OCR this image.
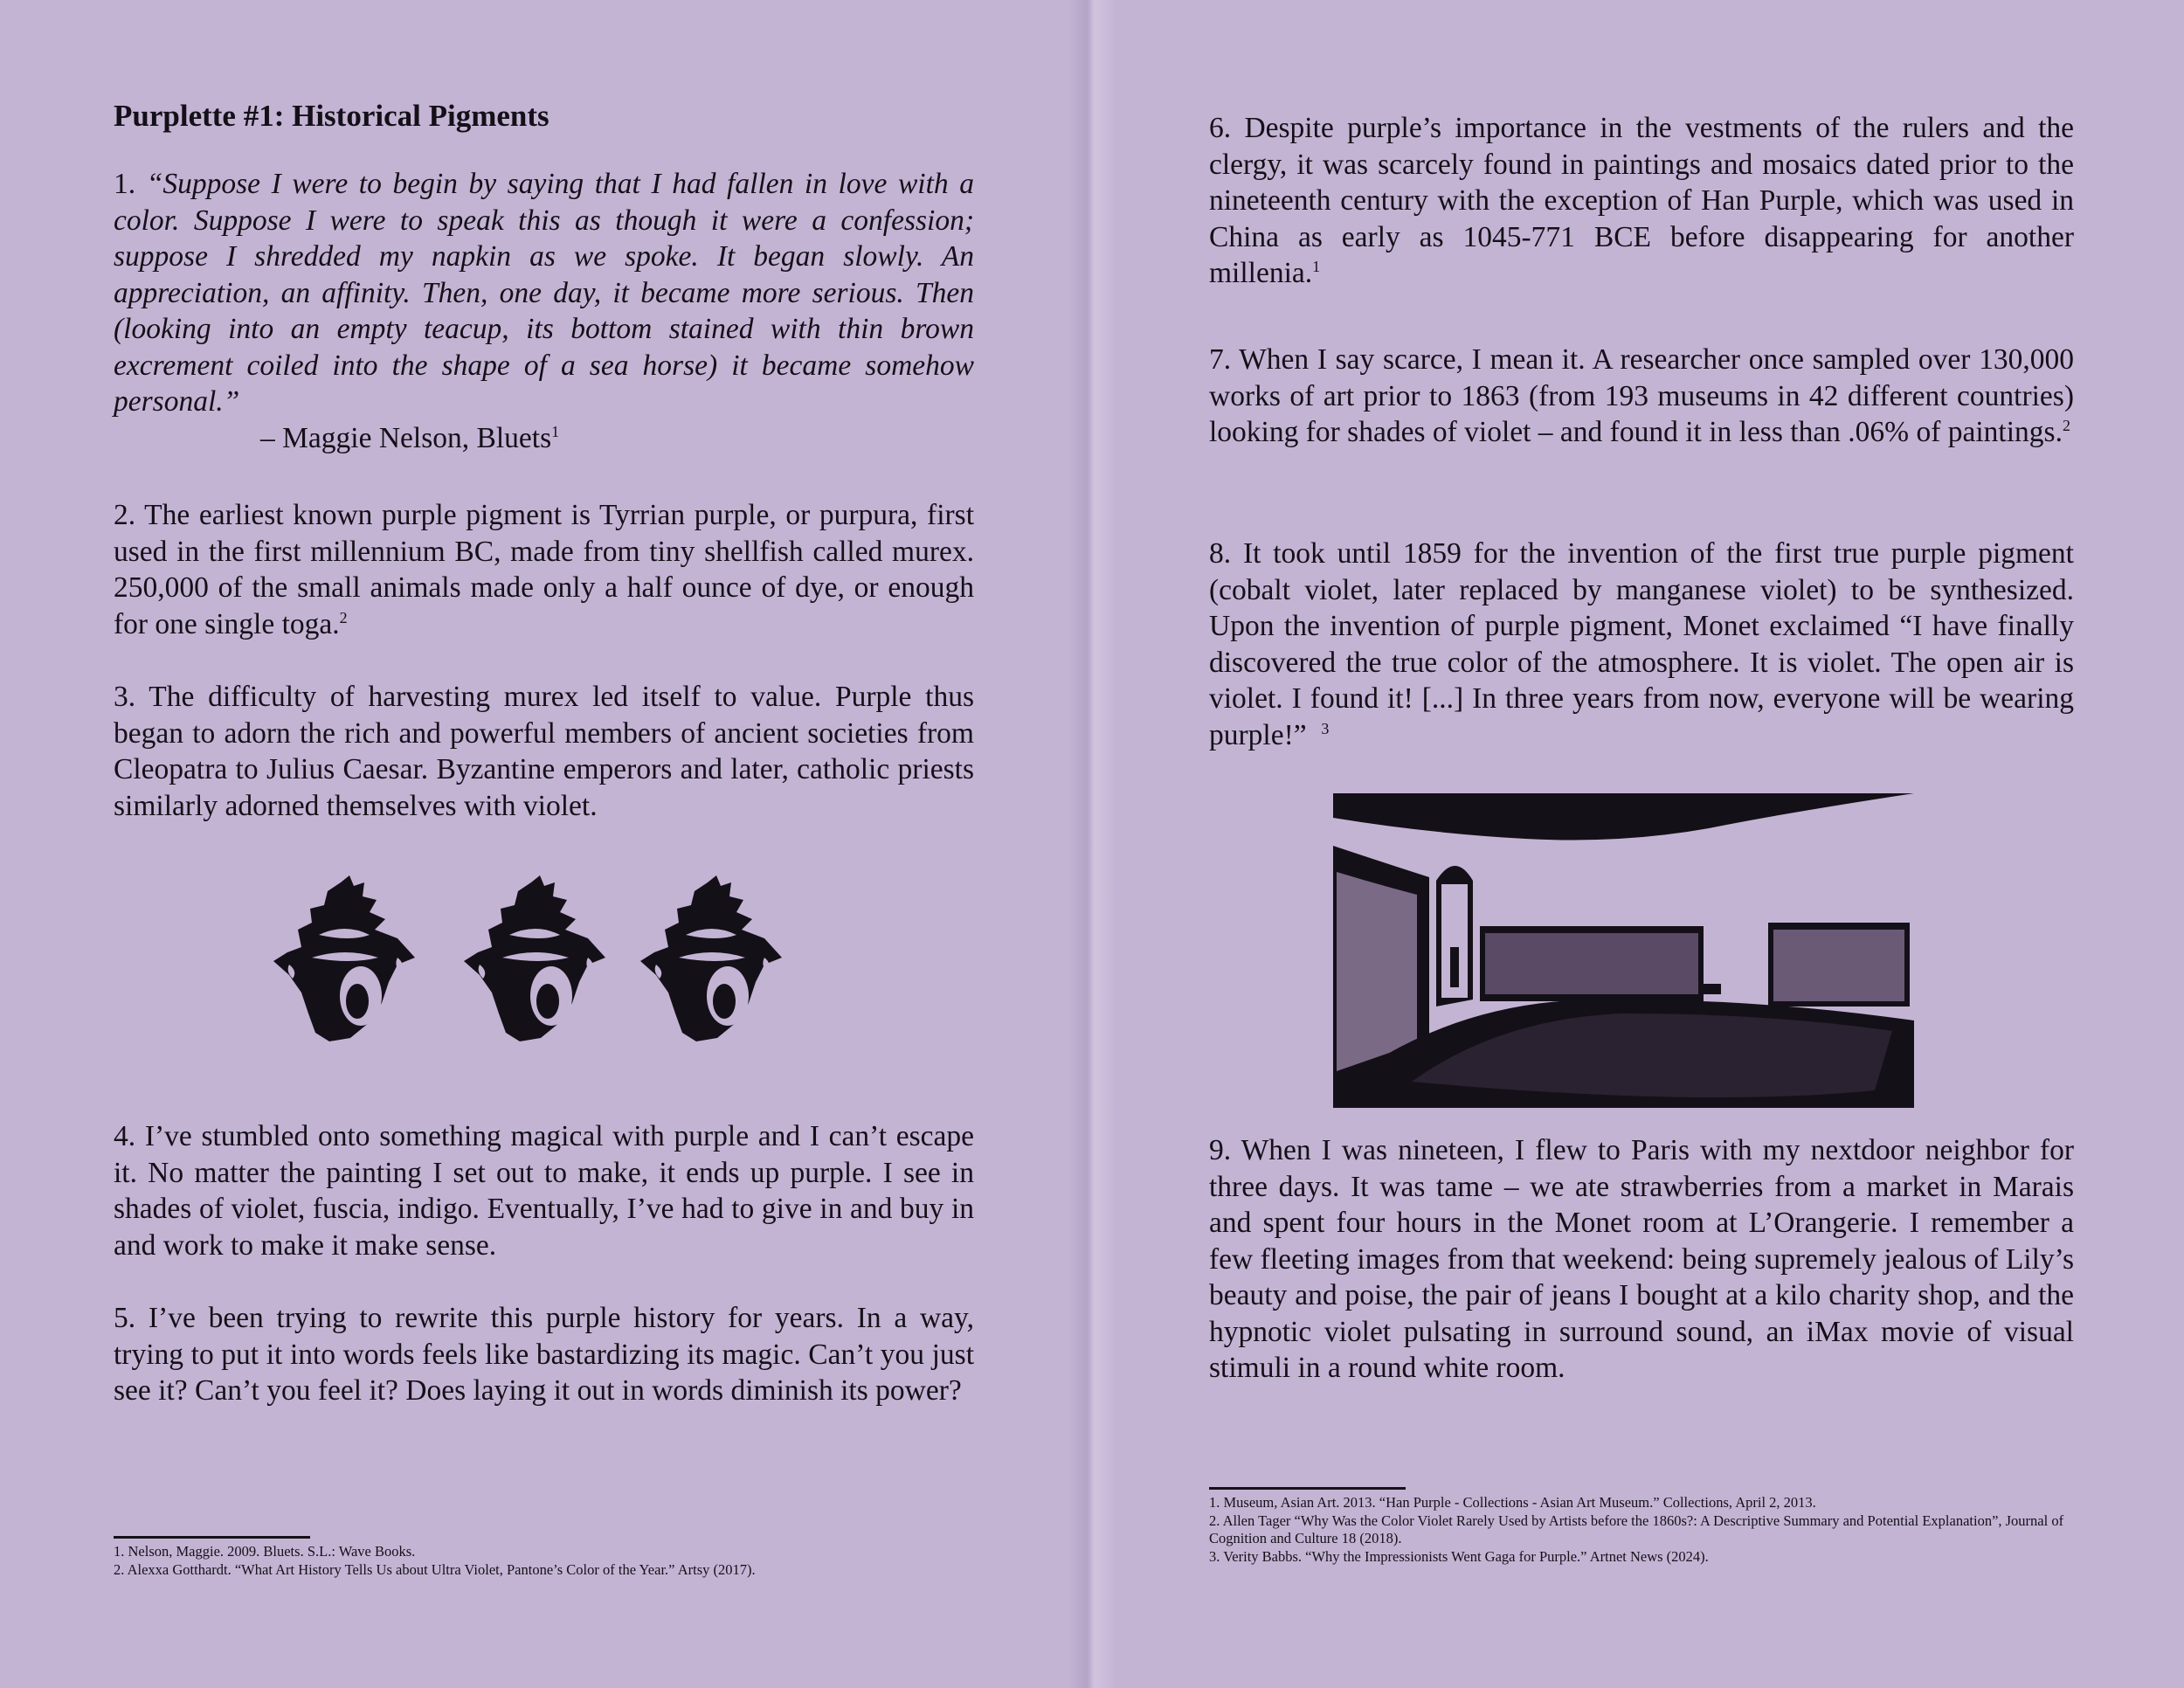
Purplette #1: Historical Pigments

1. “Suppose I were to begin by saying that I had fallen in love with a color. Suppose I were to speak this as though it were a confession; suppose I shredded my napkin as we spoke. It began slowly. An appreciation, an affinity. Then, one day, it became more serious. Then (looking into an empty teacup, its bottom stained with thin brown excrement coiled into the shape of a sea horse) it became somehow personal.”
– Maggie Nelson, Bluets$^1$

2. The earliest known purple pigment is Tyrrian purple, or purpura, first used in the first millennium BC, made from tiny shellfish called murex. 250,000 of the small animals made only a half ounce of dye, or enough for one single toga.$^2$

3. The difficulty of harvesting murex led itself to value. Purple thus began to adorn the rich and powerful members of ancient societies from Cleopatra to Julius Caesar. Byzantine emperors and later, catholic priests similarly adorned themselves with violet.

4. I’ve stumbled onto something magical with purple and I can’t escape it. No matter the painting I set out to make, it ends up purple. I see in shades of violet, fuscia, indigo. Eventually, I’ve had to give in and buy in and work to make it make sense.

5. I’ve been trying to rewrite this purple history for years. In a way, trying to put it into words feels like bastardizing its magic. Can’t you just see it? Can’t you feel it? Does laying it out in words diminish its power?

1. Nelson, Maggie. 2009. Bluets. S.L.: Wave Books.
2. Alexxa Gotthardt. “What Art History Tells Us about Ultra Violet, Pantone’s Color of the Year.” Artsy (2017).

6. Despite purple’s importance in the vestments of the rulers and the clergy, it was scarcely found in paintings and mosaics dated prior to the nineteenth century with the exception of Han Purple, which was used in China as early as 1045-771 BCE before disappearing for another millenia.$^1$

7. When I say scarce, I mean it. A researcher once sampled over 130,000 works of art prior to 1863 (from 193 museums in 42 different countries) looking for shades of violet – and found it in less than .06% of paintings.$^2$

8. It took until 1859 for the invention of the first true purple pigment (cobalt violet, later replaced by manganese violet) to be synthesized. Upon the invention of purple pigment, Monet exclaimed “I have finally discovered the true color of the atmosphere. It is violet. The open air is violet. I found it! [...] In three years from now, everyone will be wearing purple!” $^3$

9. When I was nineteen, I flew to Paris with my nextdoor neighbor for three days. It was tame – we ate strawberries from a market in Marais and spent four hours in the Monet room at L’Orangerie. I remember a few fleeting images from that weekend: being supremely jealous of Lily’s beauty and poise, the pair of jeans I bought at a kilo charity shop, and the hypnotic violet pulsating in surround sound, an iMax movie of visual stimuli in a round white room.

1. Museum, Asian Art. 2013. “Han Purple - Collections - Asian Art Museum.” Collections, April 2, 2013.
2. Allen Tager “Why Was the Color Violet Rarely Used by Artists before the 1860s?: A Descriptive Summary and Potential Explanation”, Journal of Cognition and Culture 18 (2018).
3. Verity Babbs. “Why the Impressionists Went Gaga for Purple.” Artnet News (2024).
